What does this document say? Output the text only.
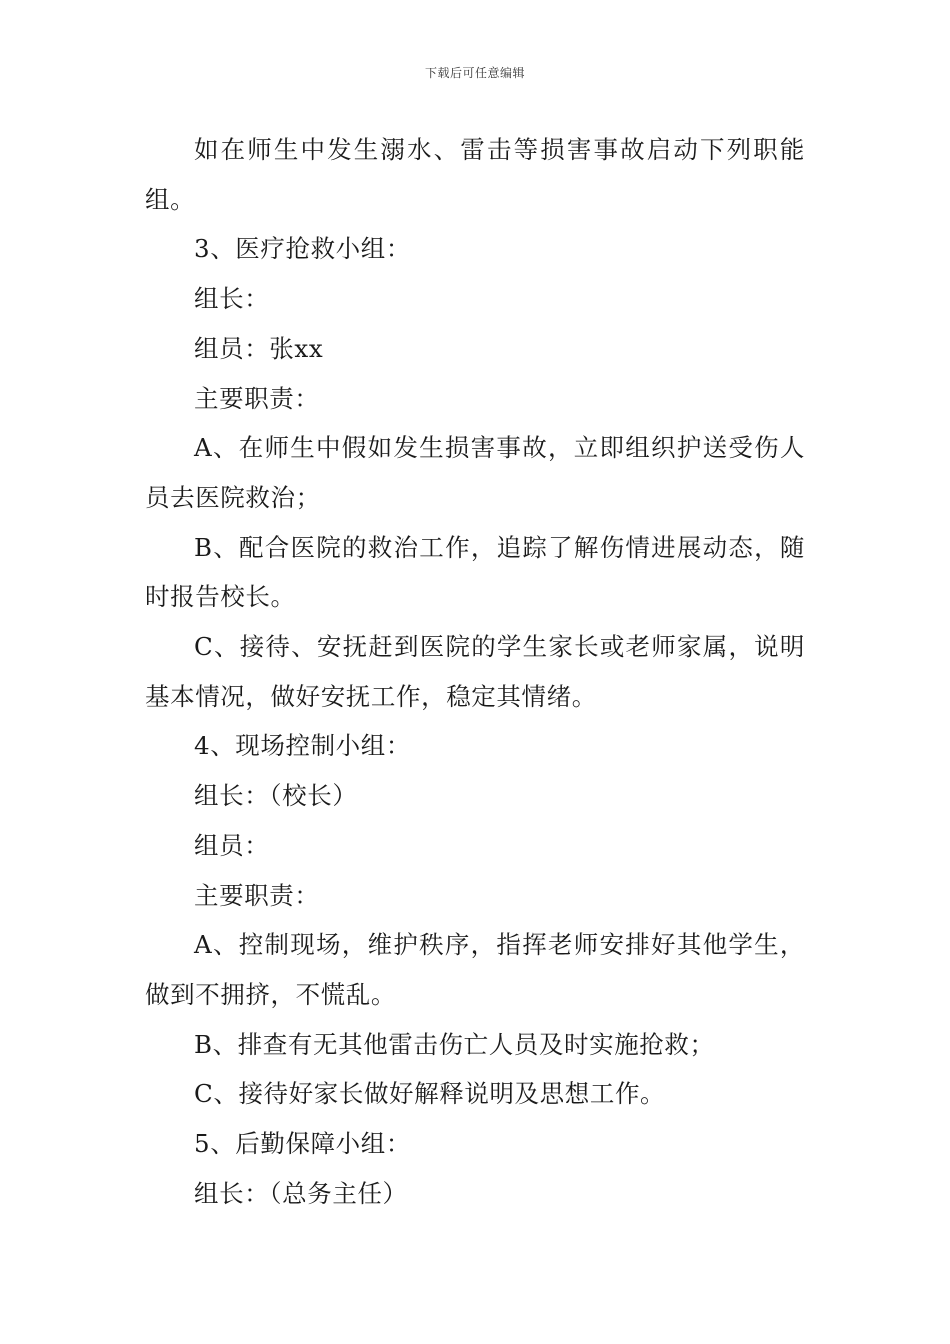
下载后可任意编辑

如在师生中发生溺水、雷击等损害事故启动下列职能组。

3、医疗抢救小组：

组长：

组员：张xx

主要职责：

A、在师生中假如发生损害事故，立即组织护送受伤人员去医院救治；

B、配合医院的救治工作，追踪了解伤情进展动态，随时报告校长。

C、接待、安抚赶到医院的学生家长或老师家属，说明基本情况，做好安抚工作，稳定其情绪。

4、现场控制小组：

组长：（校长）

组员：

主要职责：

A、控制现场，维护秩序，指挥老师安排好其他学生，做到不拥挤，不慌乱。

B、排查有无其他雷击伤亡人员及时实施抢救；

C、接待好家长做好解释说明及思想工作。

5、后勤保障小组：

组长：（总务主任）
